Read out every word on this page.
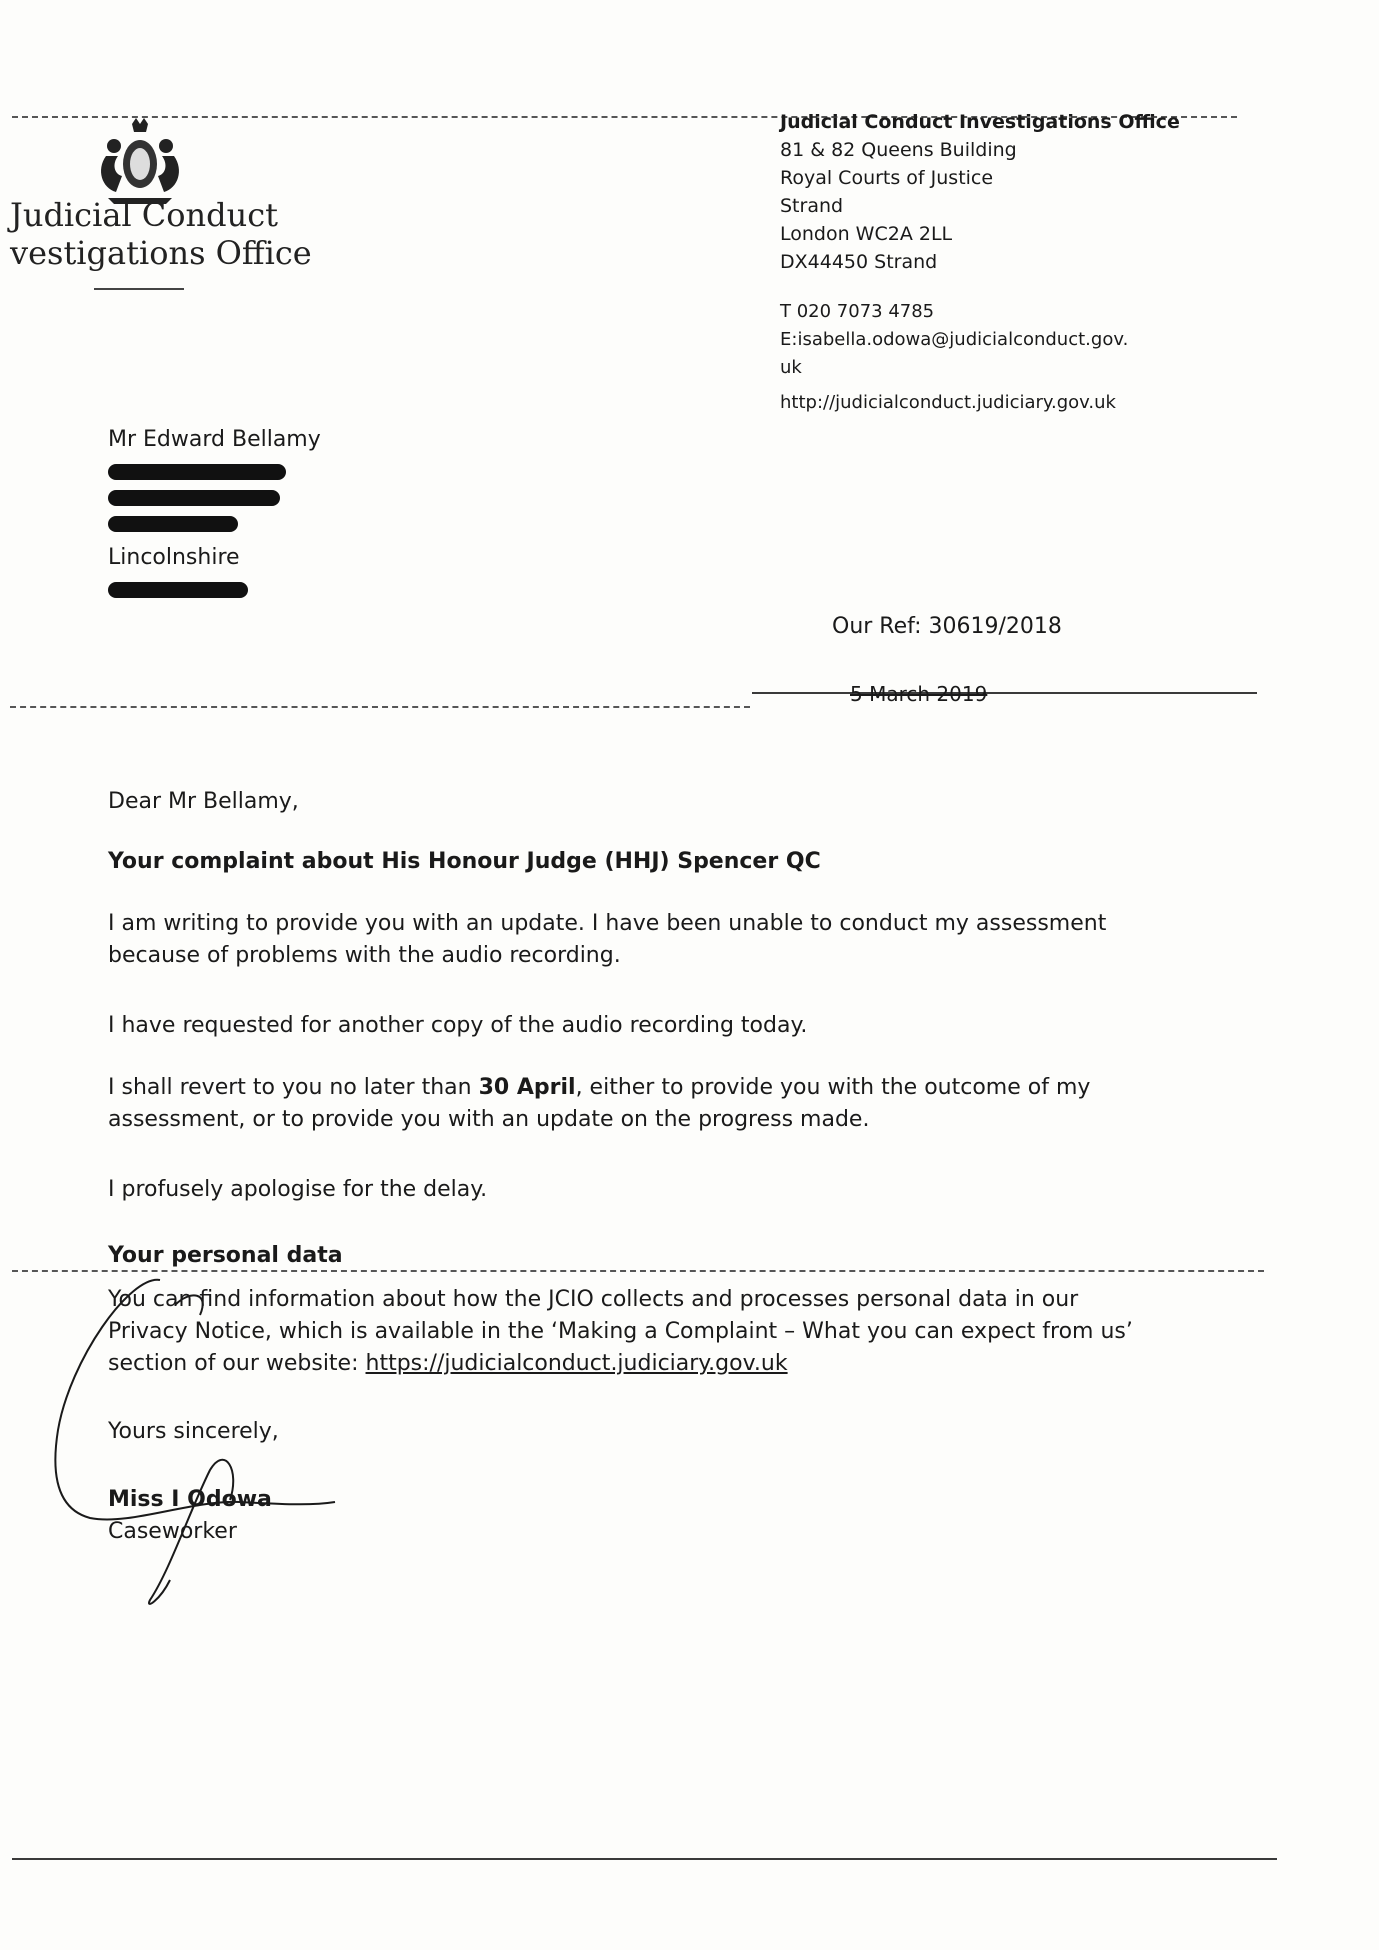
Judicial Conduct
vestigations Office
Judicial Conduct Investigations Office
81 & 82 Queens Building
Royal Courts of Justice
Strand
London WC2A 2LL
DX44450 Strand
T 020 7073 4785
E:isabella.odowa@judicialconduct.gov.
uk
http://judicialconduct.judiciary.gov.uk
Mr Edward Bellamy
Lincolnshire
Our Ref: 30619/2018
5 March 2019
Dear Mr Bellamy,
Your complaint about His Honour Judge (HHJ) Spencer QC
I am writing to provide you with an update. I have been unable to conduct my assessment
because of problems with the audio recording.
I have requested for another copy of the audio recording today.
I shall revert to you no later than 30 April, either to provide you with the outcome of my
assessment, or to provide you with an update on the progress made.
I profusely apologise for the delay.
Your personal data
You can find information about how the JCIO collects and processes personal data in our
Privacy Notice, which is available in the ‘Making a Complaint – What you can expect from us’
section of our website: https://judicialconduct.judiciary.gov.uk
Yours sincerely,
Miss I Odowa
Caseworker
